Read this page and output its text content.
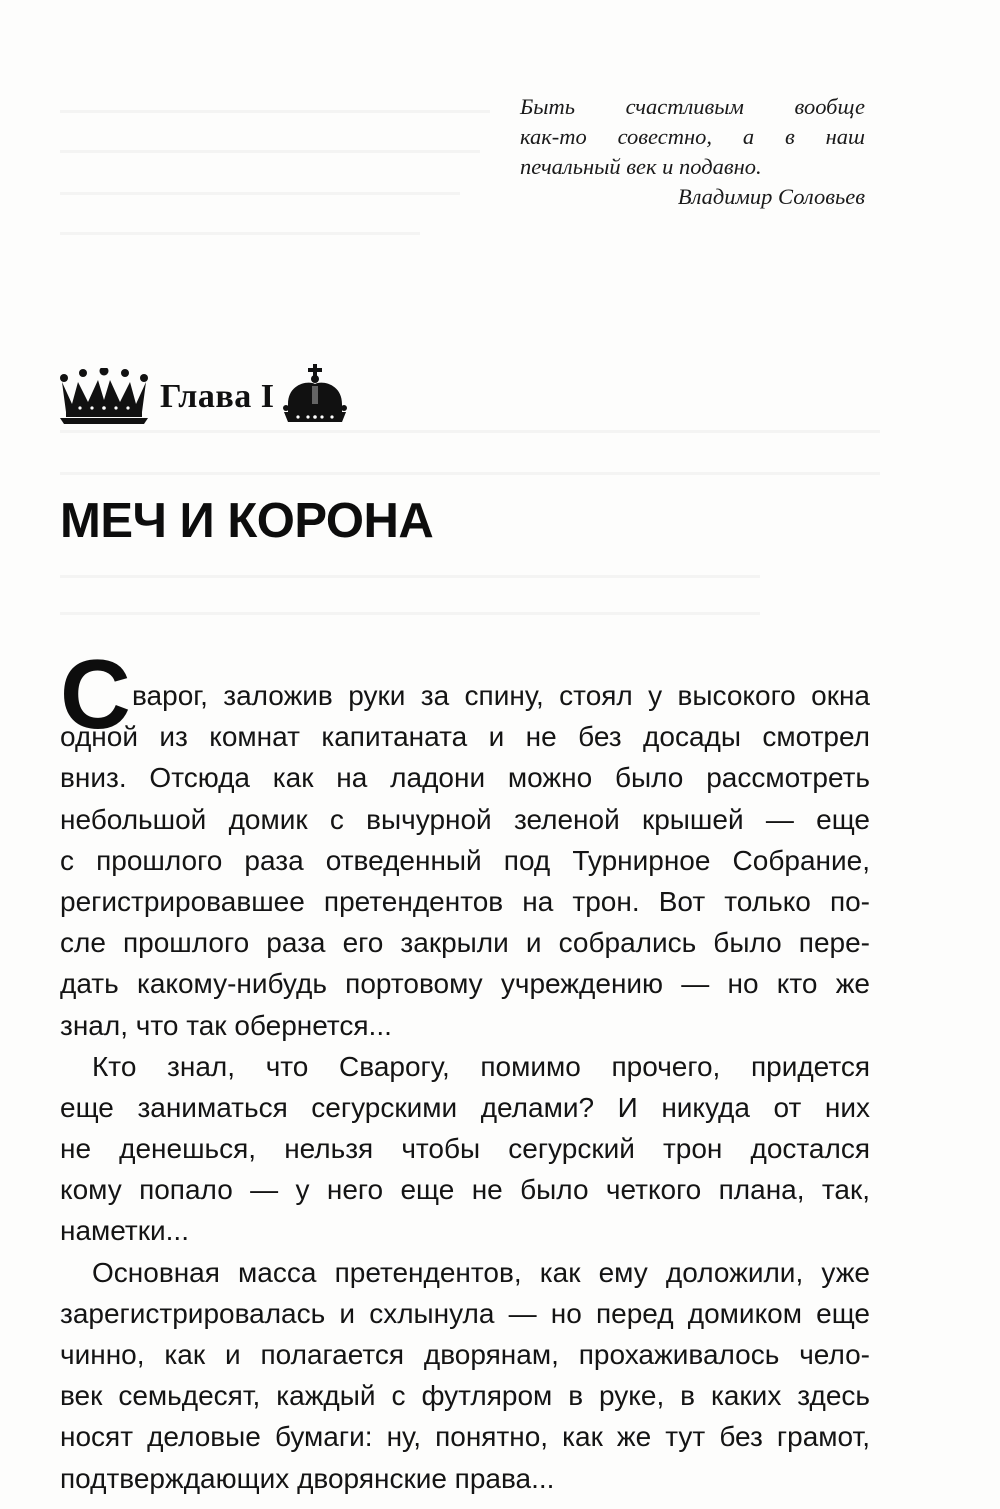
Быть счастливым вообще
как-то совестно, а в наш
печальный век и подавно.
Владимир Соловьев
Глава I
МЕЧ И КОРОНА
С варог, заложив руки за спину, стоял у высокого окна
одной из комнат капитаната и не без досады смотрел
вниз. Отсюда как на ладони можно было рассмотреть
небольшой домик с вычурной зеленой крышей — еще
с прошлого раза отведенный под Турнирное Собрание,
регистрировавшее претендентов на трон. Вот только по-
сле прошлого раза его закрыли и собрались было пере-
дать какому-нибудь портовому учреждению — но кто же
знал, что так обернется...
Кто знал, что Сварогу, помимо прочего, придется
еще заниматься сегурскими делами? И никуда от них
не денешься, нельзя чтобы сегурский трон достался
кому попало — у него еще не было четкого плана, так,
наметки...
Основная масса претендентов, как ему доложили, уже
зарегистрировалась и схлынула — но перед домиком еще
чинно, как и полагается дворянам, прохаживалось чело-
век семьдесят, каждый с футляром в руке, в каких здесь
носят деловые бумаги: ну, понятно, как же тут без грамот,
подтверждающих дворянские права...
